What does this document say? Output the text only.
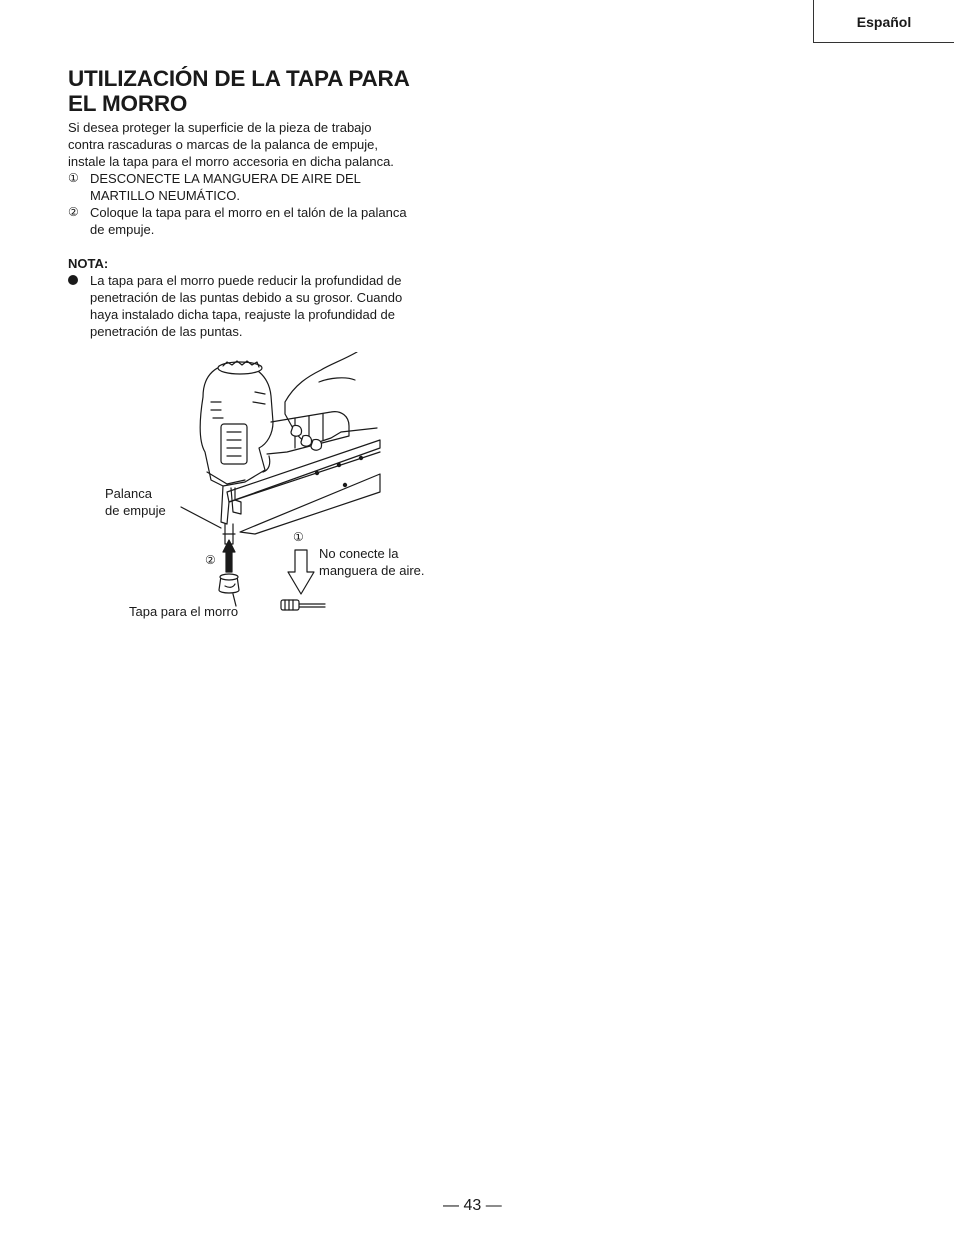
Español
UTILIZACIÓN DE LA TAPA PARA
EL MORRO

Si desea proteger la superficie de la pieza de trabajo
contra rascaduras o marcas de la palanca de empuje,
instale la tapa para el morro accesoria en dicha palanca.

① DESCONECTE LA MANGUERA DE AIRE DEL
MARTILLO NEUMÁTICO.
② Coloque la tapa para el morro en el talón de la palanca
de empuje.
NOTA:
La tapa para el morro puede reducir la profundidad de
penetración de las puntas debido a su grosor. Cuando
haya instalado dicha tapa, reajuste la profundidad de
penetración de las puntas.
Palanca
de empuje
②
①
No conecte la
manguera de aire.
Tapa para el morro
— 43 —
